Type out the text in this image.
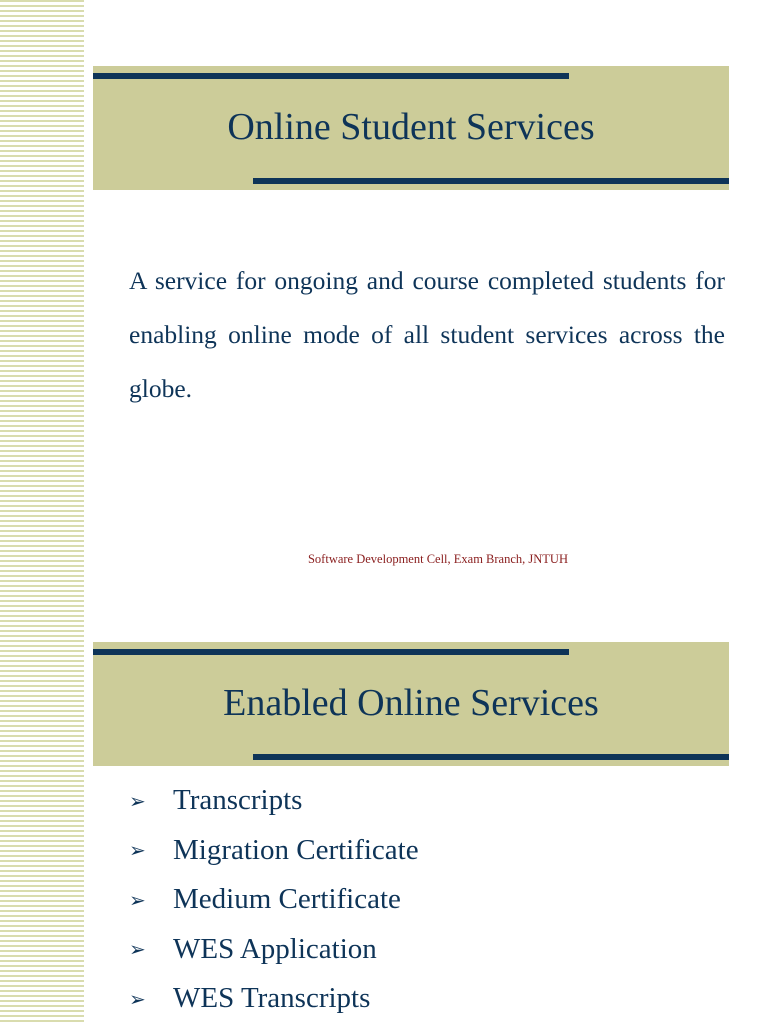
Online Student Services
A service for ongoing and course completed students for enabling online mode of all student services across the globe.
Software Development Cell, Exam Branch, JNTUH
Enabled Online Services
➢ Transcripts
➢ Migration Certificate
➢ Medium Certificate
➢ WES Application
➢ WES Transcripts
